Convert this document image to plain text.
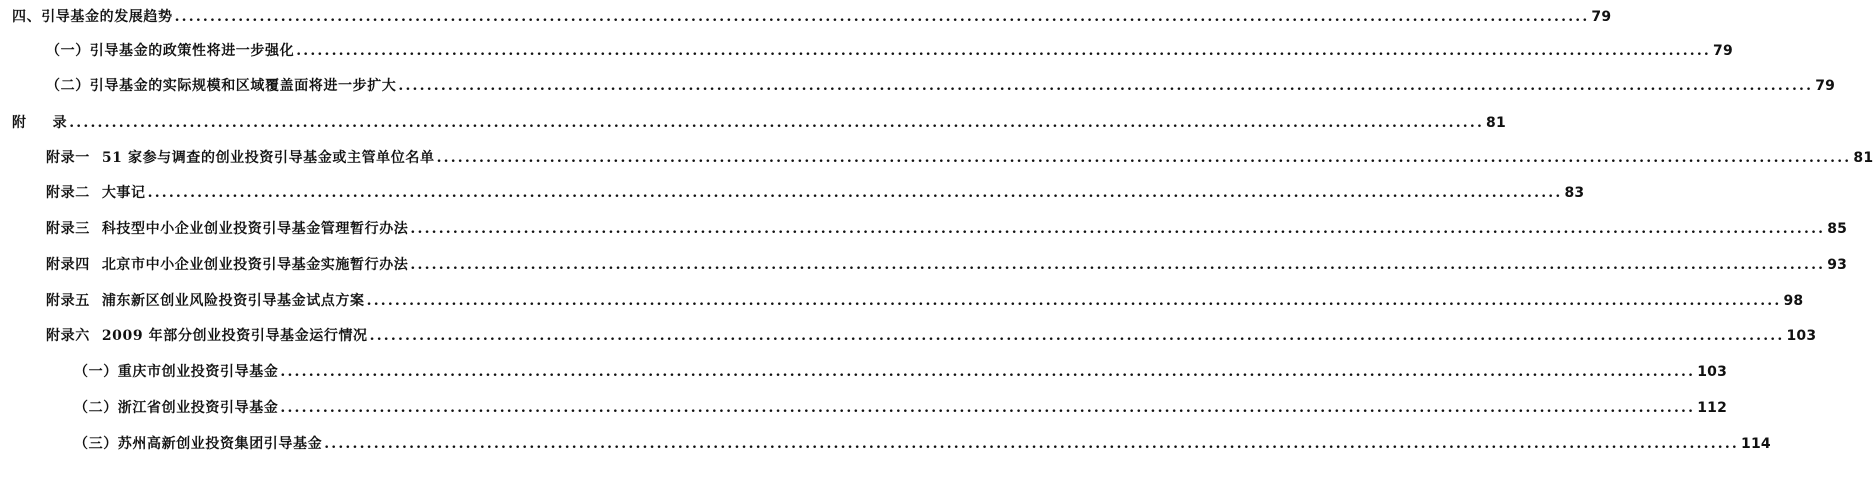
四、引导基金的发展趋势 ........................................................................................................................................................................................................ 79
（一）引导基金的政策性将进一步强化 ........................................................................................................................................................................................................ 79
（二）引导基金的实际规模和区域覆盖面将进一步扩大 ........................................................................................................................................................................................................ 79
附 录 ........................................................................................................................................................................................................ 81
附录一 51 家参与调查的创业投资引导基金或主管单位名单 ........................................................................................................................................................................................................ 81
附录二 大事记 ........................................................................................................................................................................................................ 83
附录三 科技型中小企业创业投资引导基金管理暂行办法 ........................................................................................................................................................................................................ 85
附录四 北京市中小企业创业投资引导基金实施暂行办法 ........................................................................................................................................................................................................ 93
附录五 浦东新区创业风险投资引导基金试点方案 ........................................................................................................................................................................................................ 98
附录六 2009 年部分创业投资引导基金运行情况 ........................................................................................................................................................................................................ 103
（一）重庆市创业投资引导基金 ........................................................................................................................................................................................................ 103
（二）浙江省创业投资引导基金 ........................................................................................................................................................................................................ 112
（三）苏州高新创业投资集团引导基金 ........................................................................................................................................................................................................ 114
